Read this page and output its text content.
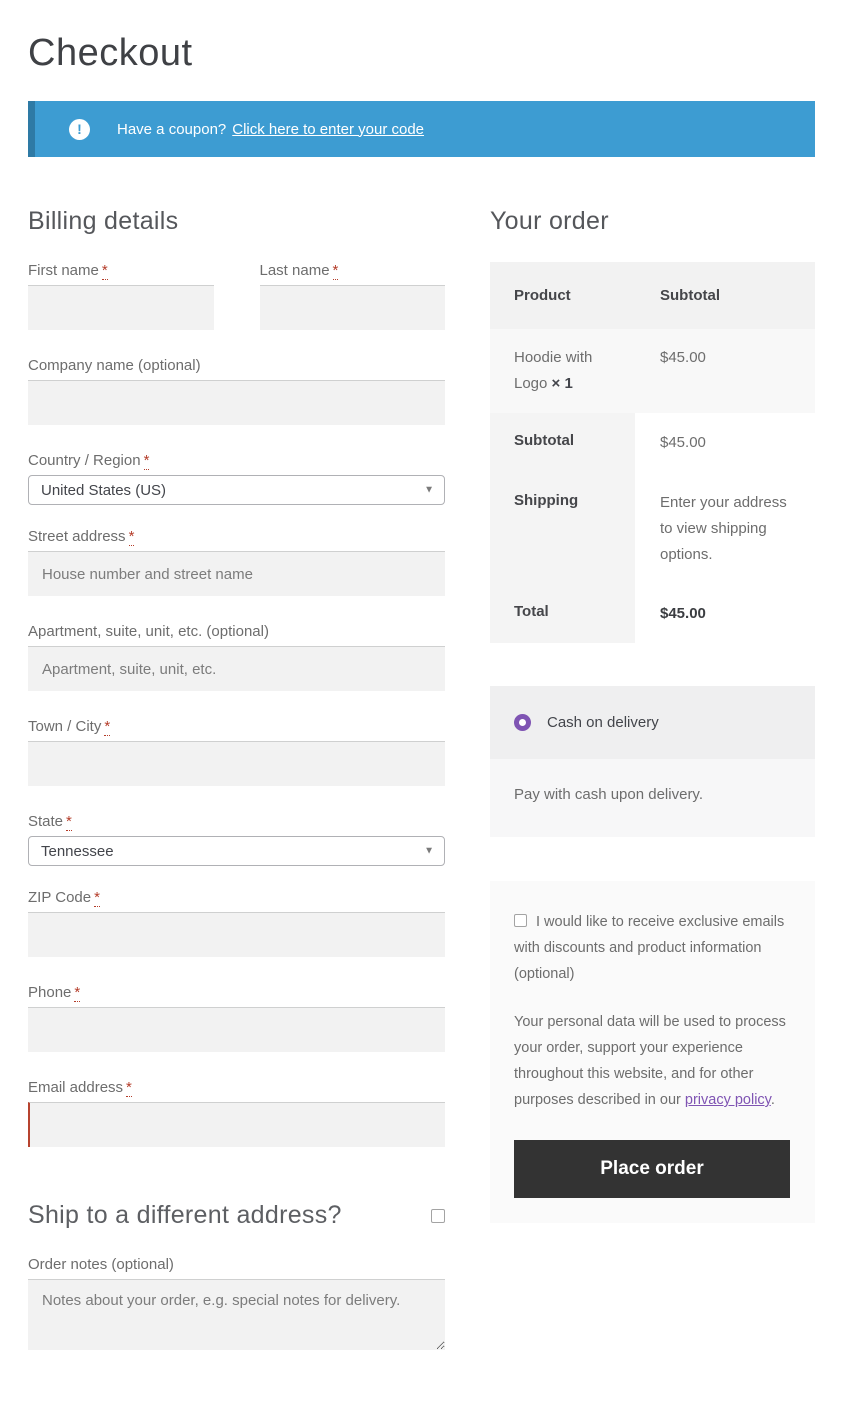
Checkout
!	Have a coupon? Click here to enter your code
Billing details
First name *	Last name *
Company name (optional)
Country / Region *
United States (US)	▼
Street address *
House number and street name
Apartment, suite, unit, etc. (optional)
Apartment, suite, unit, etc.
Town / City *
State *
Tennessee	▼
ZIP Code *
Phone *
Email address *
Ship to a different address?
Order notes (optional)
Notes about your order, e.g. special notes for delivery.
Your order
Product	Subtotal
Hoodie with Logo × 1
$45.00
Subtotal	$45.00
Shipping	Enter your address to view shipping options.
Total	$45.00
Cash on delivery
Pay with cash upon delivery.
I would like to receive exclusive emails with discounts and product information (optional)
Your personal data will be used to process your order, support your experience throughout this website, and for other purposes described in our privacy policy.
Place order
